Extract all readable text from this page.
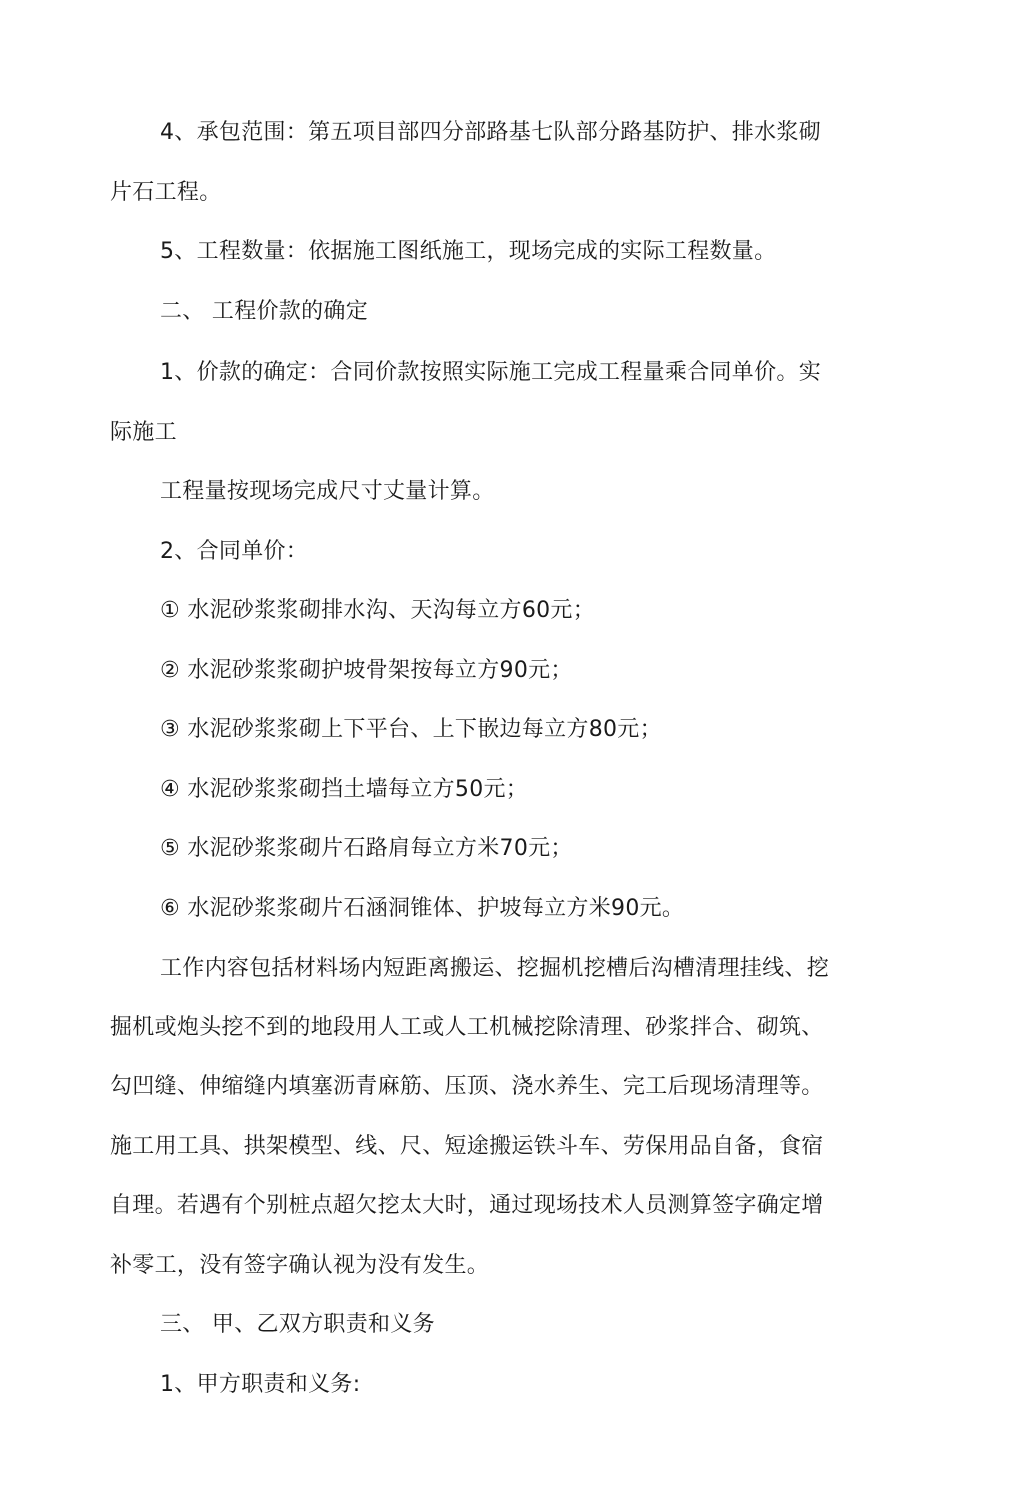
4、承包范围：第五项目部四分部路基七队部分路基防护、排水浆砌
片石工程。
5、工程数量：依据施工图纸施工，现场完成的实际工程数量。
二、 工程价款的确定
1、价款的确定：合同价款按照实际施工完成工程量乘合同单价。实
际施工
工程量按现场完成尺寸丈量计算。
2、合同单价：
① 水泥砂浆浆砌排水沟、天沟每立方60元；
② 水泥砂浆浆砌护坡骨架按每立方90元；
③ 水泥砂浆浆砌上下平台、上下嵌边每立方80元；
④ 水泥砂浆浆砌挡土墙每立方50元；
⑤ 水泥砂浆浆砌片石路肩每立方米70元；
⑥ 水泥砂浆浆砌片石涵洞锥体、护坡每立方米90元。
工作内容包括材料场内短距离搬运、挖掘机挖槽后沟槽清理挂线、挖
掘机或炮头挖不到的地段用人工或人工机械挖除清理、砂浆拌合、砌筑、
勾凹缝、伸缩缝内填塞沥青麻筋、压顶、浇水养生、完工后现场清理等。
施工用工具、拱架模型、线、尺、短途搬运铁斗车、劳保用品自备，食宿
自理。若遇有个别桩点超欠挖太大时，通过现场技术人员测算签字确定增
补零工，没有签字确认视为没有发生。
三、 甲、乙双方职责和义务
1、甲方职责和义务:
